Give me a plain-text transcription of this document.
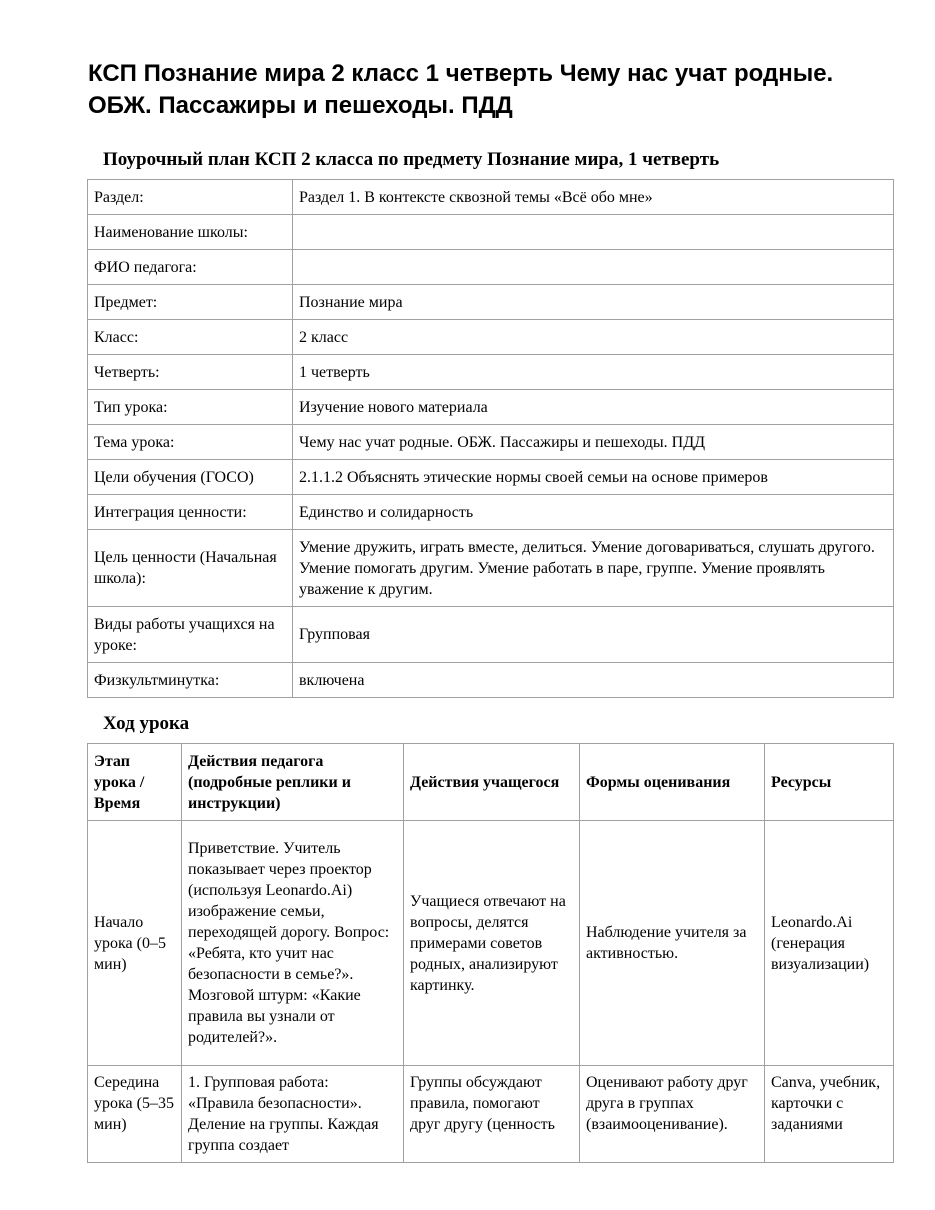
КСП Познание мира 2 класс 1 четверть Чему нас учат родные. ОБЖ. Пассажиры и пешеходы. ПДД
Поурочный план КСП 2 класса по предмету Познание мира, 1 четверть
Раздел:	Раздел 1. В контексте сквозной темы «Всё обо мне»
Наименование школы:	
ФИО педагога:	
Предмет:	Познание мира
Класс:	2 класс
Четверть:	1 четверть
Тип урока:	Изучение нового материала
Тема урока:	Чему нас учат родные. ОБЖ. Пассажиры и пешеходы. ПДД
Цели обучения (ГОСО)	2.1.1.2 Объяснять этические нормы своей семьи на основе примеров
Интеграция ценности:	Единство и солидарность
Цель ценности (Начальная школа):	Умение дружить, играть вместе, делиться. Умение договариваться, слушать другого. Умение помогать другим. Умение работать в паре, группе. Умение проявлять уважение к другим.
Виды работы учащихся на уроке:	Групповая
Физкультминутка:	включена
Ход урока
Этап урока / Время	Действия педагога (подробные реплики и инструкции)	Действия учащегося	Формы оценивания	Ресурсы
Начало урока (0–5 мин)	Приветствие. Учитель показывает через проектор (используя Leonardo.Ai) изображение семьи, переходящей дорогу. Вопрос: «Ребята, кто учит нас безопасности в семье?». Мозговой штурм: «Какие правила вы узнали от родителей?».	Учащиеся отвечают на вопросы, делятся примерами советов родных, анализируют картинку.	Наблюдение учителя за активностью.	Leonardo.Ai (генерация визуализации)
Середина урока (5–35 мин)	1. Групповая работа: «Правила безопасности». Деление на группы. Каждая группа создает	Группы обсуждают правила, помогают друг другу (ценность	Оценивают работу друг друга в группах (взаимооценивание).	Canva, учебник, карточки с заданиями
